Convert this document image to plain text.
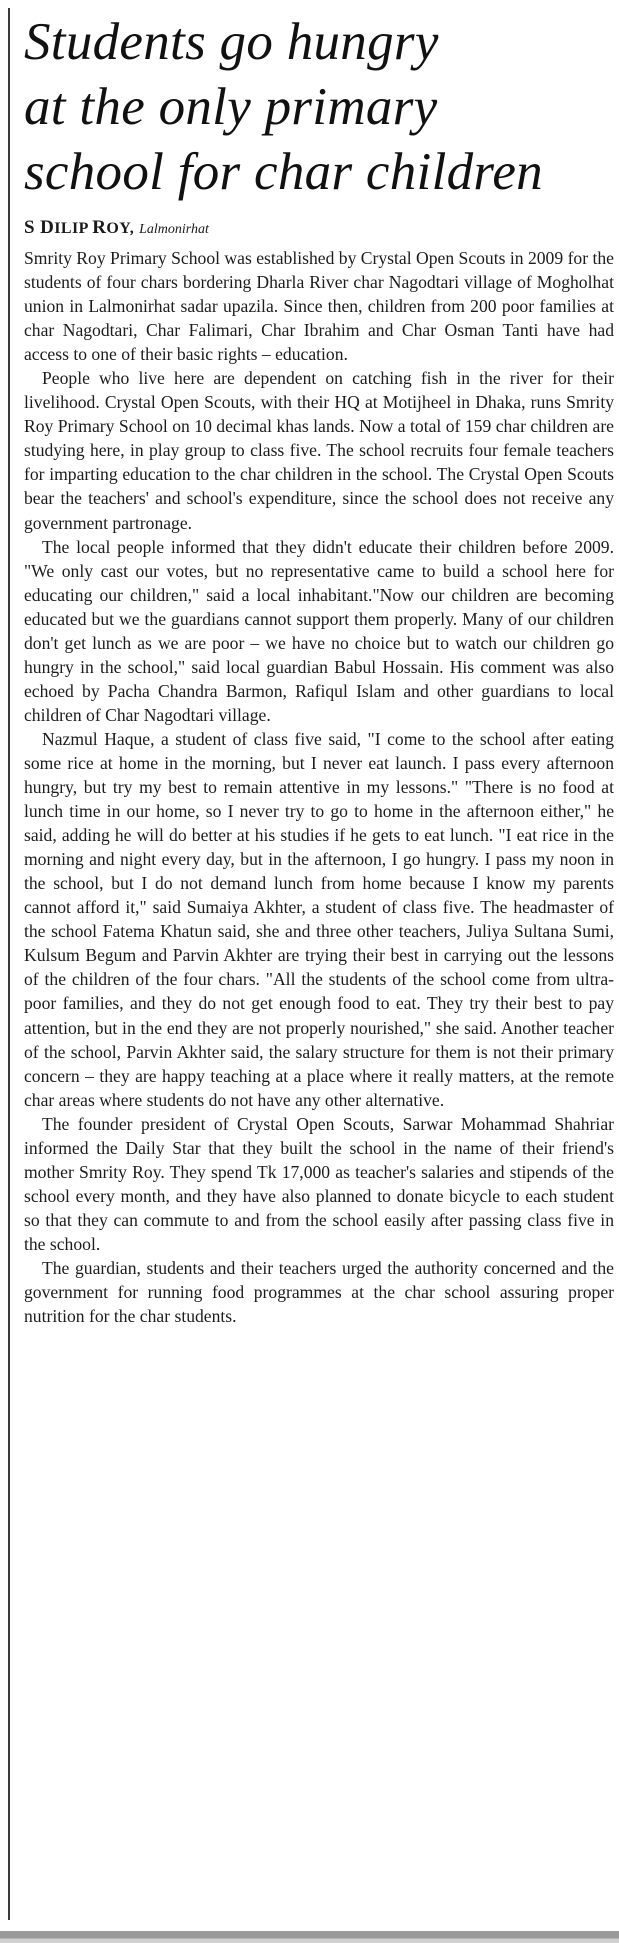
Students go hungry
at the only primary
school for char children
S DILIP ROY, Lalmonirhat

Smrity Roy Primary School was established by Crystal Open Scouts in 2009 for the students of four chars bordering Dharla River char Nagodtari village of Mogholhat union in Lalmonirhat sadar upazila. Since then, children from 200 poor families at char Nagodtari, Char Falimari, Char Ibrahim and Char Osman Tanti have had access to one of their basic rights – education.

People who live here are dependent on catching fish in the river for their livelihood. Crystal Open Scouts, with their HQ at Motijheel in Dhaka, runs Smrity Roy Primary School on 10 decimal khas lands. Now a total of 159 char children are studying here, in play group to class five. The school recruits four female teachers for imparting education to the char children in the school. The Crystal Open Scouts bear the teachers' and school's expenditure, since the school does not receive any government partronage.

The local people informed that they didn't educate their children before 2009. "We only cast our votes, but no representative came to build a school here for educating our children," said a local inhabitant."Now our children are becoming educated but we the guardians cannot support them properly. Many of our children don't get lunch as we are poor – we have no choice but to watch our children go hungry in the school," said local guardian Babul Hossain. His comment was also echoed by Pacha Chandra Barmon, Rafiqul Islam and other guardians to local children of Char Nagodtari village.

Nazmul Haque, a student of class five said, "I come to the school after eating some rice at home in the morning, but I never eat launch. I pass every afternoon hungry, but try my best to remain attentive in my lessons." "There is no food at lunch time in our home, so I never try to go to home in the afternoon either," he said, adding he will do better at his studies if he gets to eat lunch. "I eat rice in the morning and night every day, but in the afternoon, I go hungry. I pass my noon in the school, but I do not demand lunch from home because I know my parents cannot afford it," said Sumaiya Akhter, a student of class five. The headmaster of the school Fatema Khatun said, she and three other teachers, Juliya Sultana Sumi, Kulsum Begum and Parvin Akhter are trying their best in carrying out the lessons of the children of the four chars. "All the students of the school come from ultra-poor families, and they do not get enough food to eat. They try their best to pay attention, but in the end they are not properly nourished," she said. Another teacher of the school, Parvin Akhter said, the salary structure for them is not their primary concern – they are happy teaching at a place where it really matters, at the remote char areas where students do not have any other alternative.

The founder president of Crystal Open Scouts, Sarwar Mohammad Shahriar informed the Daily Star that they built the school in the name of their friend's mother Smrity Roy. They spend Tk 17,000 as teacher's salaries and stipends of the school every month, and they have also planned to donate bicycle to each student so that they can commute to and from the school easily after passing class five in the school.

The guardian, students and their teachers urged the authority concerned and the government for running food programmes at the char school assuring proper nutrition for the char students.
